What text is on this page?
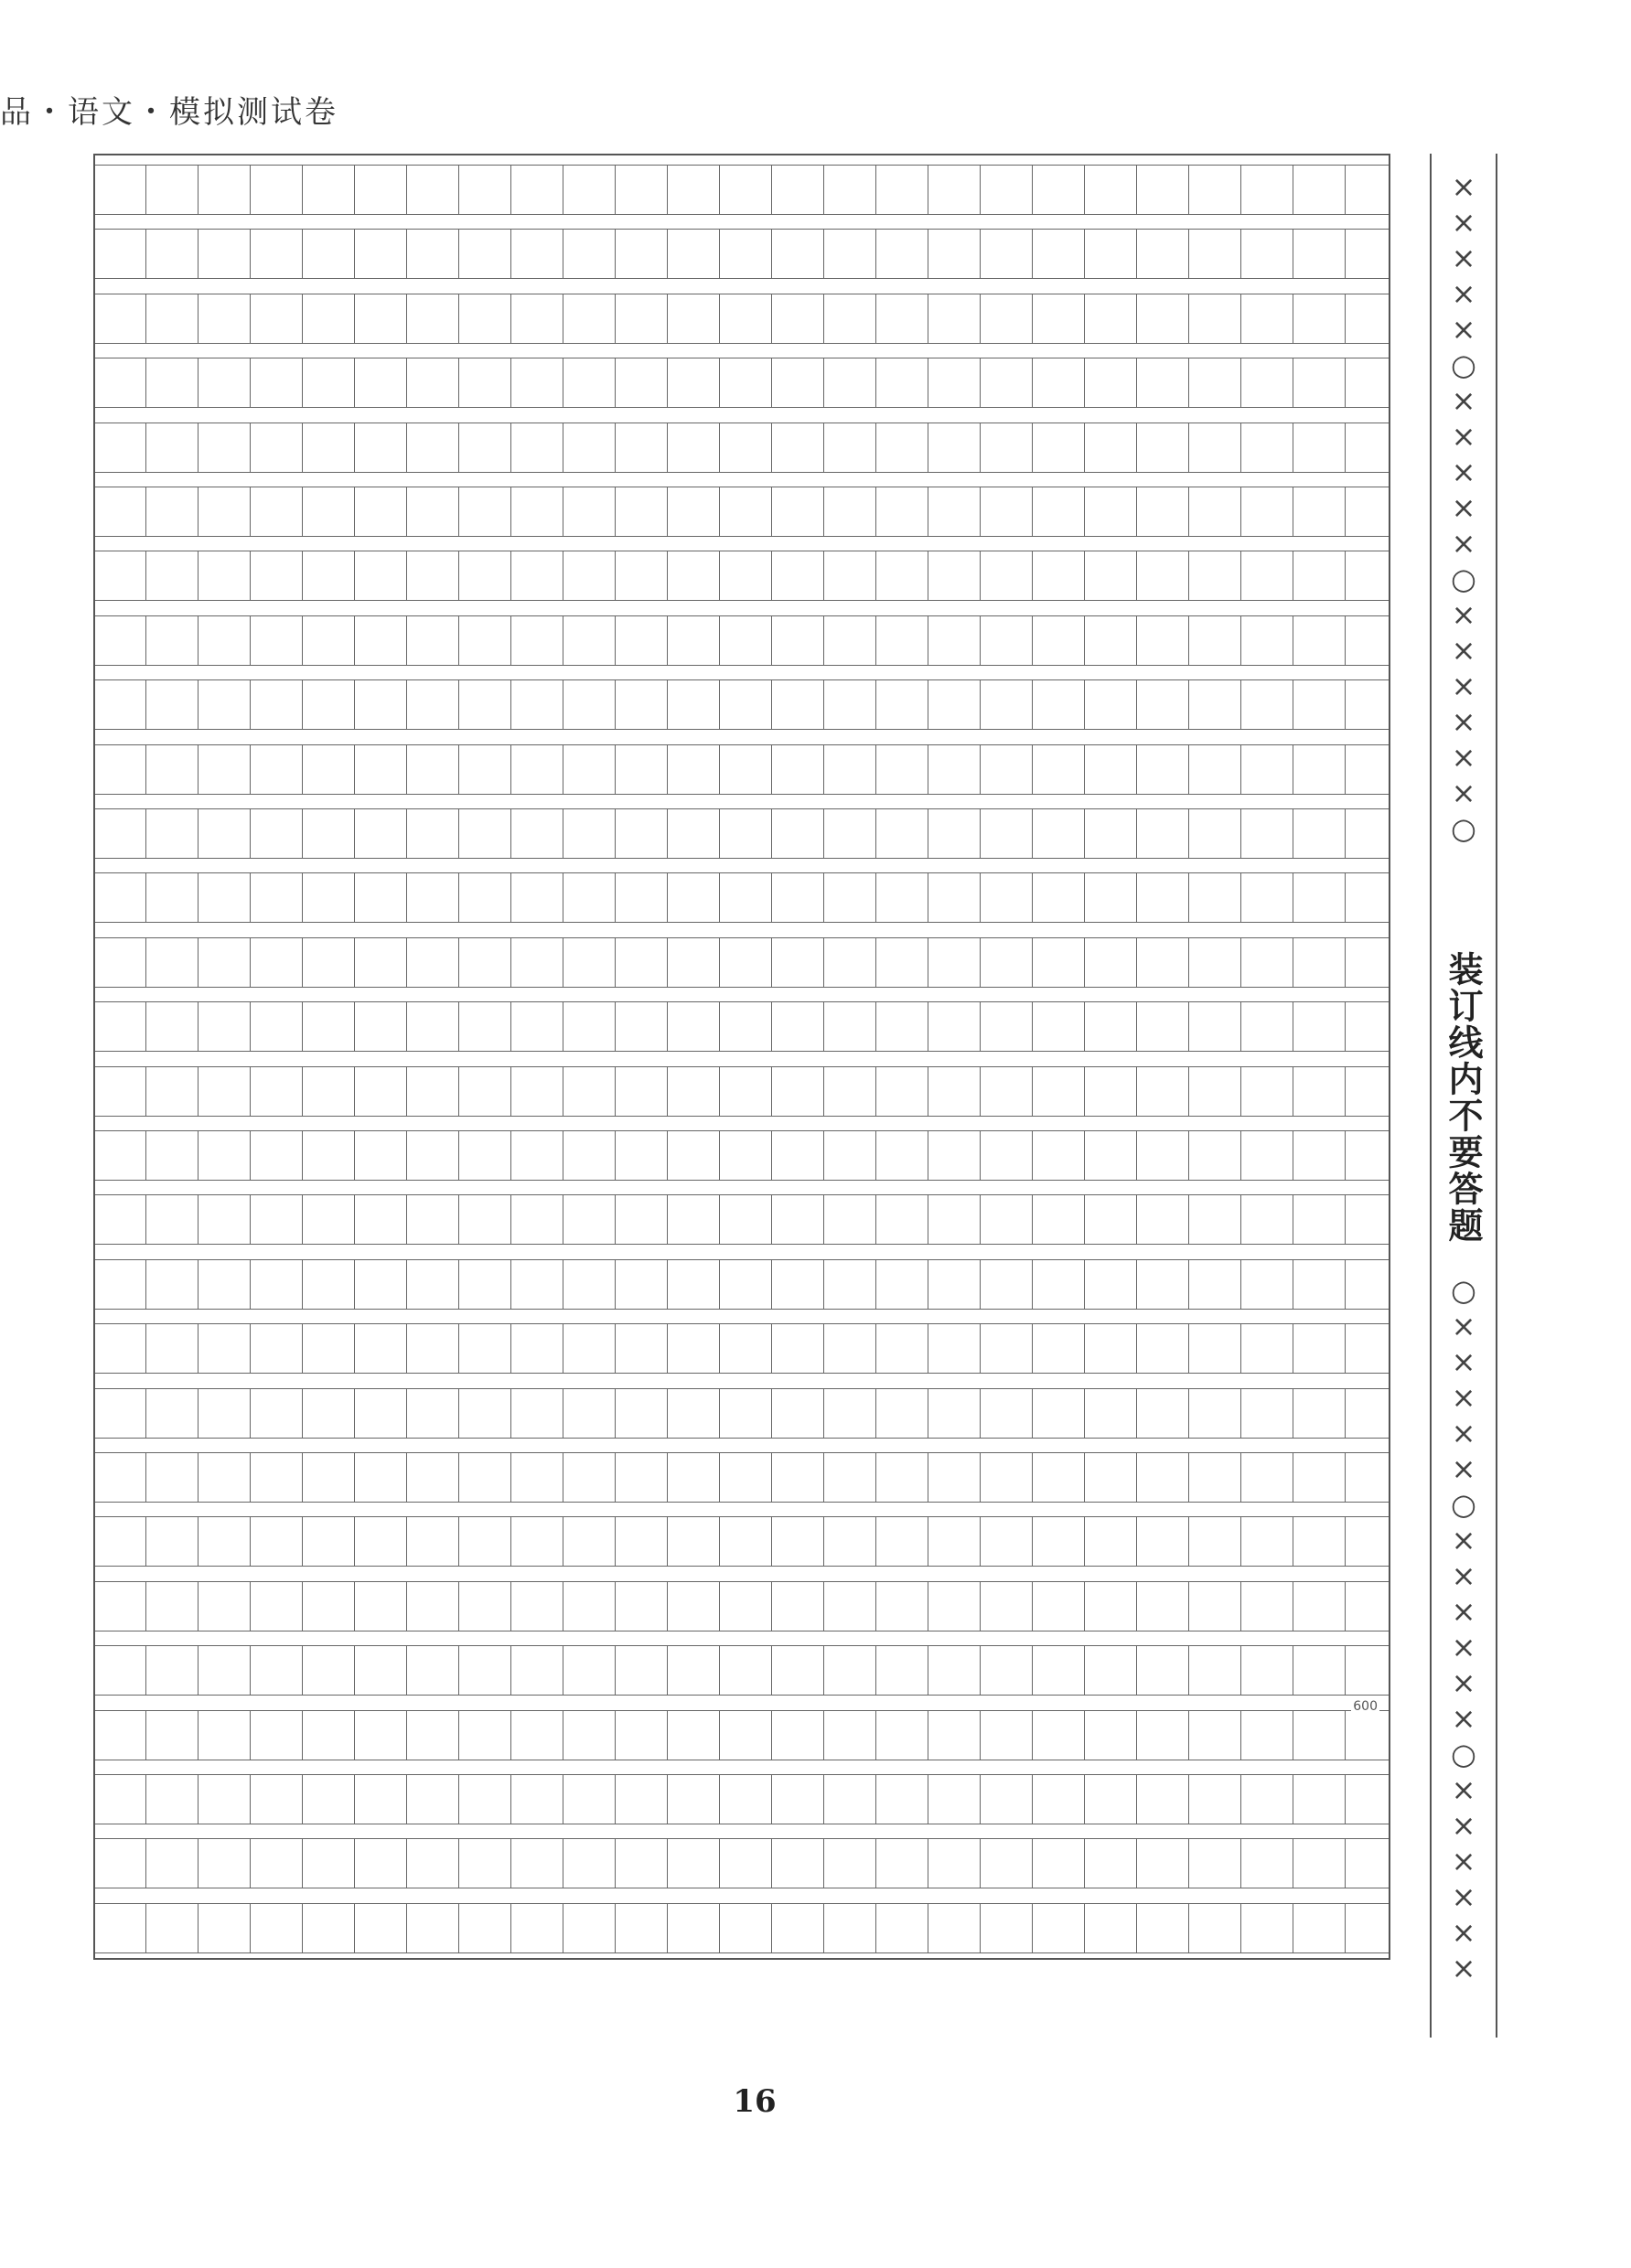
品・语文・模拟测试卷
600
×
×
×
×
×
○
×
×
×
×
×
○
×
×
×
×
×
×
○
○
×
×
×
×
×
○
×
×
×
×
×
×
○
×
×
×
×
×
×
装订线内不要答题
16
